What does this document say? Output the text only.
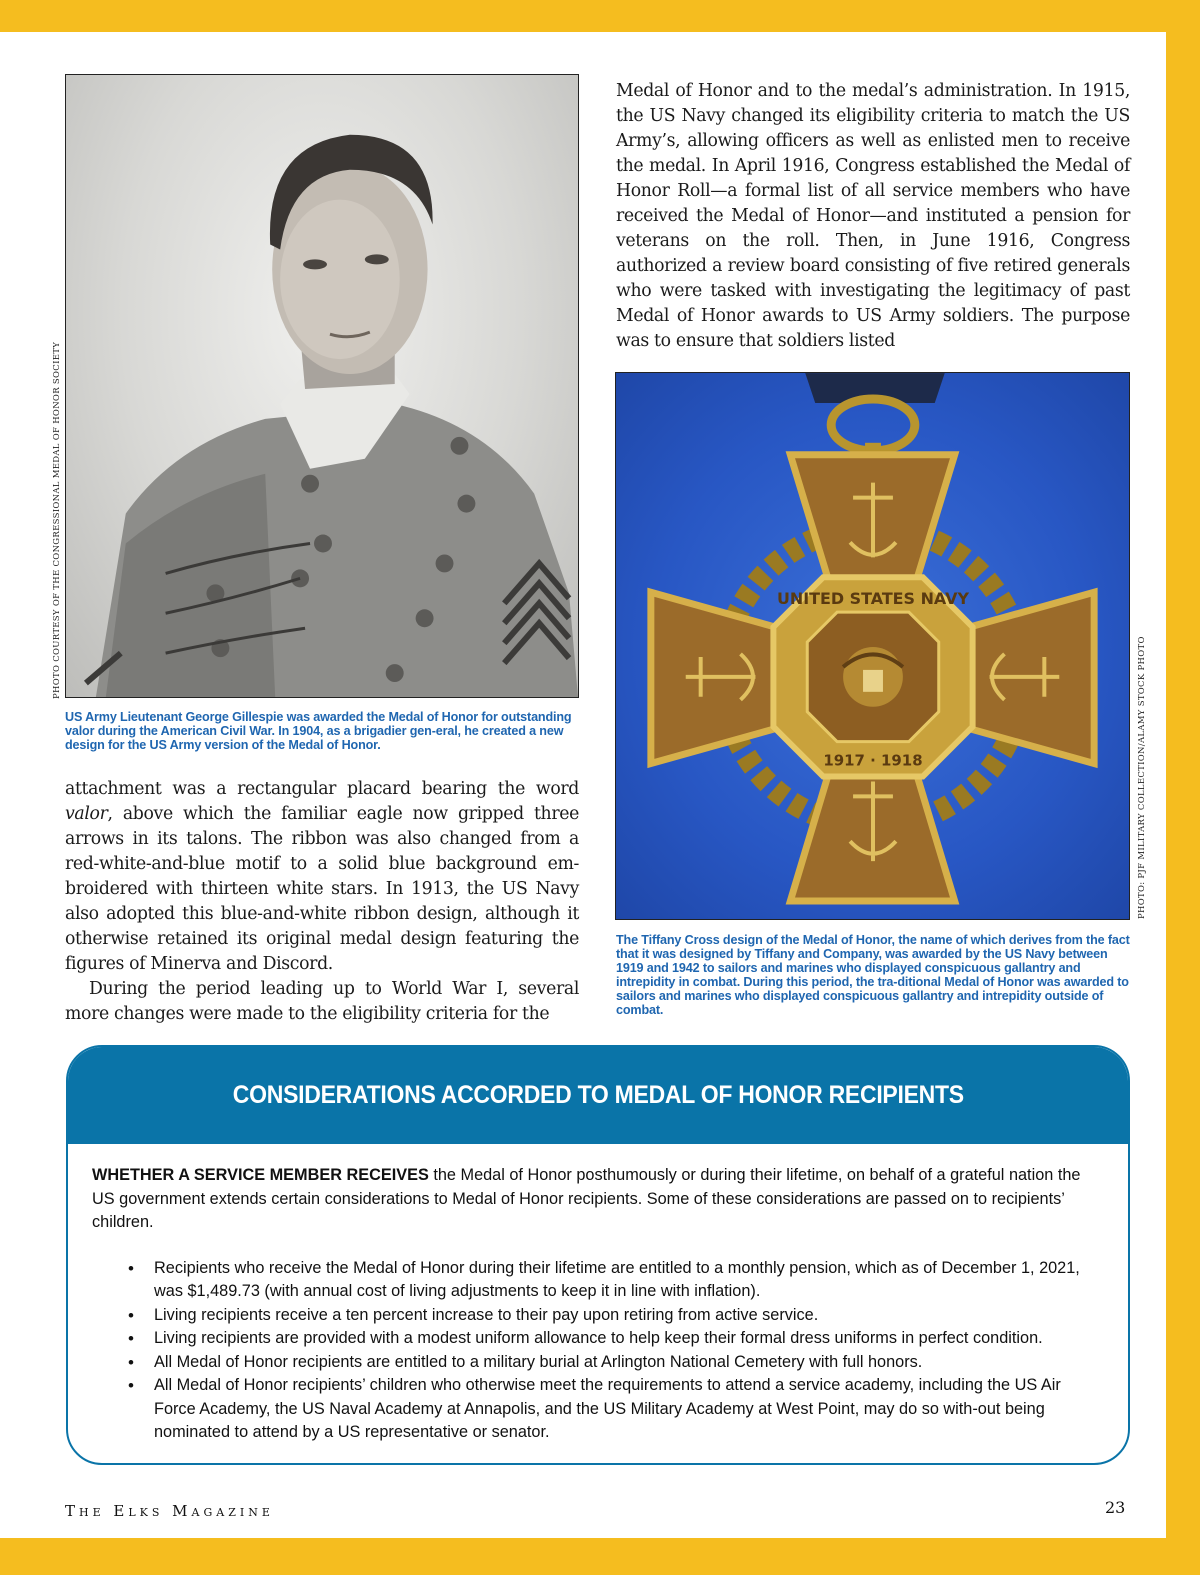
PHOTO COURTESY OF THE CONGRESSIONAL MEDAL OF HONOR SOCIETY

US Army Lieutenant George Gillespie was awarded the Medal of Honor for outstanding valor during the American Civil War. In 1904, as a brigadier gen-eral, he created a new design for the US Army version of the Medal of Honor.

Medal of Honor and to the medal’s administration. In 1915, the US Navy changed its eligibility criteria to match the US Army’s, allowing officers as well as enlisted men to receive the medal. In April 1916, Congress established the Medal of Honor Roll—a formal list of all service members who have received the Medal of Honor—and instituted a pension for veterans on the roll. Then, in June 1916, Congress authorized a review board consisting of five retired generals who were tasked with investigating the legitimacy of past Medal of Honor awards to US Army soldiers. The purpose was to ensure that soldiers listed

UNITED STATES NAVY
1917 · 1918	PHOTO: PJF MILITARY COLLECTION/ALAMY STOCK PHOTO

The Tiffany Cross design of the Medal of Honor, the name of which derives from the fact that it was designed by Tiffany and Company, was awarded by the US Navy between 1919 and 1942 to sailors and marines who displayed conspicuous gallantry and intrepidity in combat. During this period, the tra-ditional Medal of Honor was awarded to sailors and marines who displayed conspicuous gallantry and intrepidity outside of combat.

attachment was a rectangular placard bearing the word valor, above which the familiar eagle now gripped three arrows in its talons. The ribbon was also changed from a red-white-and-blue motif to a solid blue background em-broidered with thirteen white stars. In 1913, the US Navy also adopted this blue-and-white ribbon design, although it otherwise retained its original medal design featuring the figures of Minerva and Discord.

During the period leading up to World War I, several more changes were made to the eligibility criteria for the

CONSIDERATIONS ACCORDED TO MEDAL OF HONOR RECIPIENTS

WHETHER A SERVICE MEMBER RECEIVES the Medal of Honor posthumously or during their lifetime, on behalf of a grateful nation the US government extends certain considerations to Medal of Honor recipients. Some of these considerations are passed on to recipients’ children.

• Recipients who receive the Medal of Honor during their lifetime are entitled to a monthly pension, which as of December 1, 2021, was $1,489.73 (with annual cost of living adjustments to keep it in line with inflation).
• Living recipients receive a ten percent increase to their pay upon retiring from active service.
• Living recipients are provided with a modest uniform allowance to help keep their formal dress uniforms in perfect condition.
• All Medal of Honor recipients are entitled to a military burial at Arlington National Cemetery with full honors.
• All Medal of Honor recipients’ children who otherwise meet the requirements to attend a service academy, including the US Air Force Academy, the US Naval Academy at Annapolis, and the US Military Academy at West Point, may do so with-out being nominated to attend by a US representative or senator.
The Elks Magazine	23
